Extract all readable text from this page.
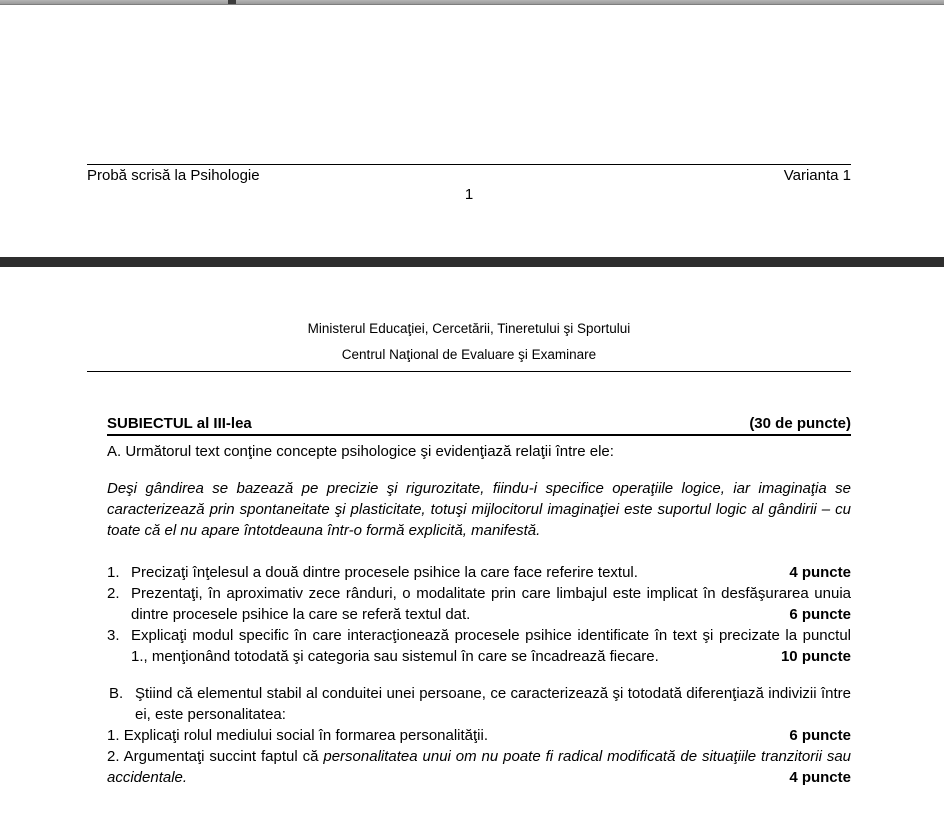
Probă scrisă la Psihologie	Varianta 1
1
Ministerul Educaţiei, Cercetării, Tineretului şi Sportului
Centrul Naţional de Evaluare şi Examinare
SUBIECTUL al III-lea	(30 de puncte)
A. Următorul text conţine concepte psihologice şi evidenţiază relaţii între ele:
Deşi gândirea se bazează pe precizie şi rigurozitate, fiindu-i specifice operaţiile logice, iar imaginaţia se caracterizează prin spontaneitate şi plasticitate, totuşi mijlocitorul imaginaţiei este suportul logic al gândirii – cu toate că el nu apare întotdeauna într-o formă explicită, manifestă.
1. Precizaţi înţelesul a două dintre procesele psihice la care face referire textul.	4 puncte
2. Prezentaţi, în aproximativ zece rânduri, o modalitate prin care limbajul este implicat în desfăşurarea unuia dintre procesele psihice la care se referă textul dat.	6 puncte
3. Explicaţi modul specific în care interacţionează procesele psihice identificate în text şi precizate la punctul 1., menţionând totodată şi categoria sau sistemul în care se încadrează fiecare.	10 puncte
B. Ştiind că elementul stabil al conduitei unei persoane, ce caracterizează şi totodată diferenţiază indivizii între ei, este personalitatea:
1. Explicaţi rolul mediului social în formarea personalităţii.	6 puncte
2. Argumentaţi succint faptul că personalitatea unui om nu poate fi radical modificată de situaţiile tranzitorii sau accidentale.	4 puncte
